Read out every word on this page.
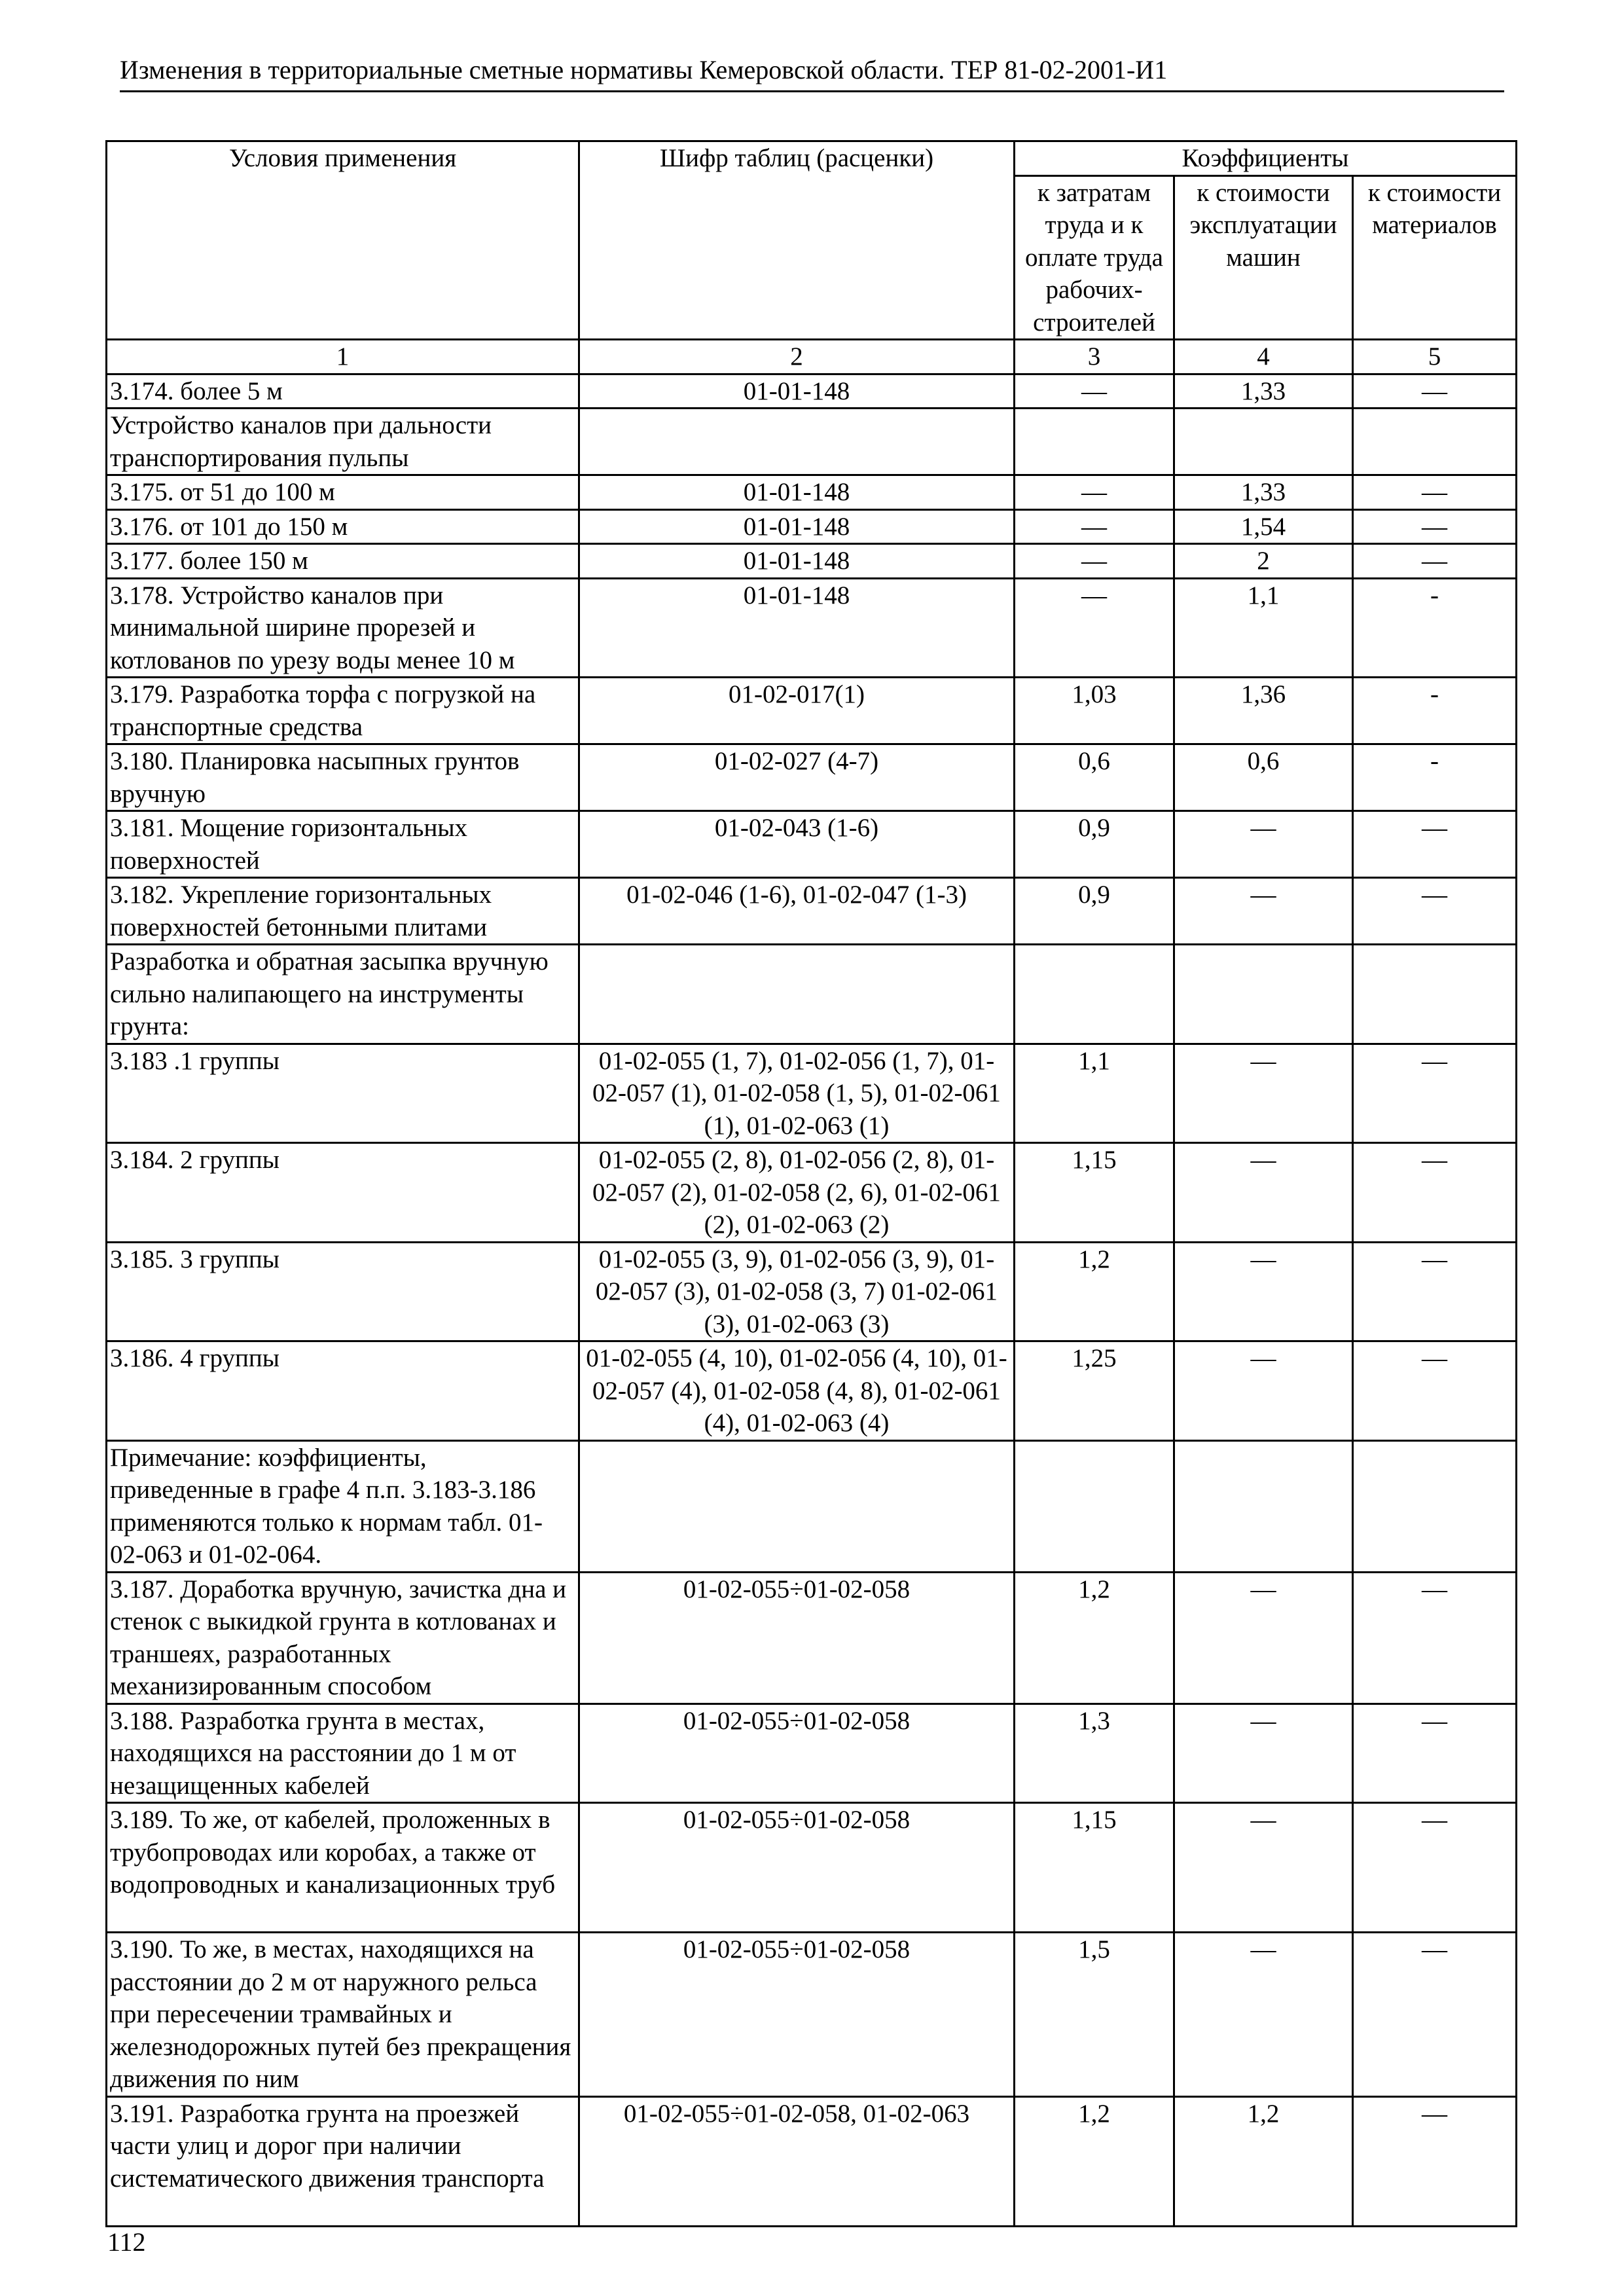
Изменения в территориальные сметные нормативы Кемеровской области. ТЕР 81-02-2001-И1
Условия применения	Шифр таблиц (расценки)	Коэффициенты		
		к затратам труда и к оплате труда рабочих-строителей	к стоимости эксплуатации машин	к стоимости материалов
1	2	3	4	5
3.174. более 5 м	01-01-148	—	1,33	—
Устройство каналов при дальности транспортирования пульпы				
3.175. от 51 до 100 м	01-01-148	—	1,33	—
3.176. от 101 до 150 м	01-01-148	—	1,54	—
3.177. более 150 м	01-01-148	—	2	—
3.178. Устройство каналов при минимальной ширине прорезей и котлованов по урезу воды менее 10 м	01-01-148	—	1,1	-
3.179. Разработка торфа с погрузкой на транспортные средства	01-02-017(1)	1,03	1,36	-
3.180. Планировка насыпных грунтов вручную	01-02-027 (4-7)	0,6	0,6	-
3.181. Мощение горизонтальных поверхностей	01-02-043 (1-6)	0,9	—	—
3.182. Укрепление горизонтальных поверхностей бетонными плитами	01-02-046 (1-6), 01-02-047 (1-3)	0,9	—	—
Разработка и обратная засыпка вручную сильно налипающего на инструменты грунта:				
3.183 .1 группы	01-02-055 (1, 7), 01-02-056 (1, 7), 01-02-057 (1), 01-02-058 (1, 5), 01-02-061 (1), 01-02-063 (1)	1,1	—	—
3.184. 2 группы	01-02-055 (2, 8), 01-02-056 (2, 8), 01-02-057 (2), 01-02-058 (2, 6), 01-02-061 (2), 01-02-063 (2)	1,15	—	—
3.185. 3 группы	01-02-055 (3, 9), 01-02-056 (3, 9), 01-02-057 (3), 01-02-058 (3, 7) 01-02-061 (3), 01-02-063 (3)	1,2	—	—
3.186. 4 группы	01-02-055 (4, 10), 01-02-056 (4, 10), 01-02-057 (4), 01-02-058 (4, 8), 01-02-061 (4), 01-02-063 (4)	1,25	—	—
Примечание: коэффициенты, приведенные в графе 4 п.п. 3.183-3.186 применяются только к нормам табл. 01-02-063 и 01-02-064.				
3.187. Доработка вручную, зачистка дна и стенок с выкидкой грунта в котлованах и траншеях, разработанных механизированным способом	01-02-055÷01-02-058	1,2	—	—
3.188. Разработка грунта в местах, находящихся на расстоянии до 1 м от незащищенных кабелей	01-02-055÷01-02-058	1,3	—	—
3.189. То же, от кабелей, проложенных в трубопроводах или коробах, а также от водопроводных и канализационных труб	01-02-055÷01-02-058	1,15	—	—
3.190. То же, в местах, находящихся на расстоянии до 2 м от наружного рельса при пересечении трамвайных и железнодорожных путей без прекращения движения по ним	01-02-055÷01-02-058	1,5	—	—
3.191. Разработка грунта на проезжей части улиц и дорог при наличии систематического движения транспорта	01-02-055÷01-02-058, 01-02-063	1,2	1,2	—
112
